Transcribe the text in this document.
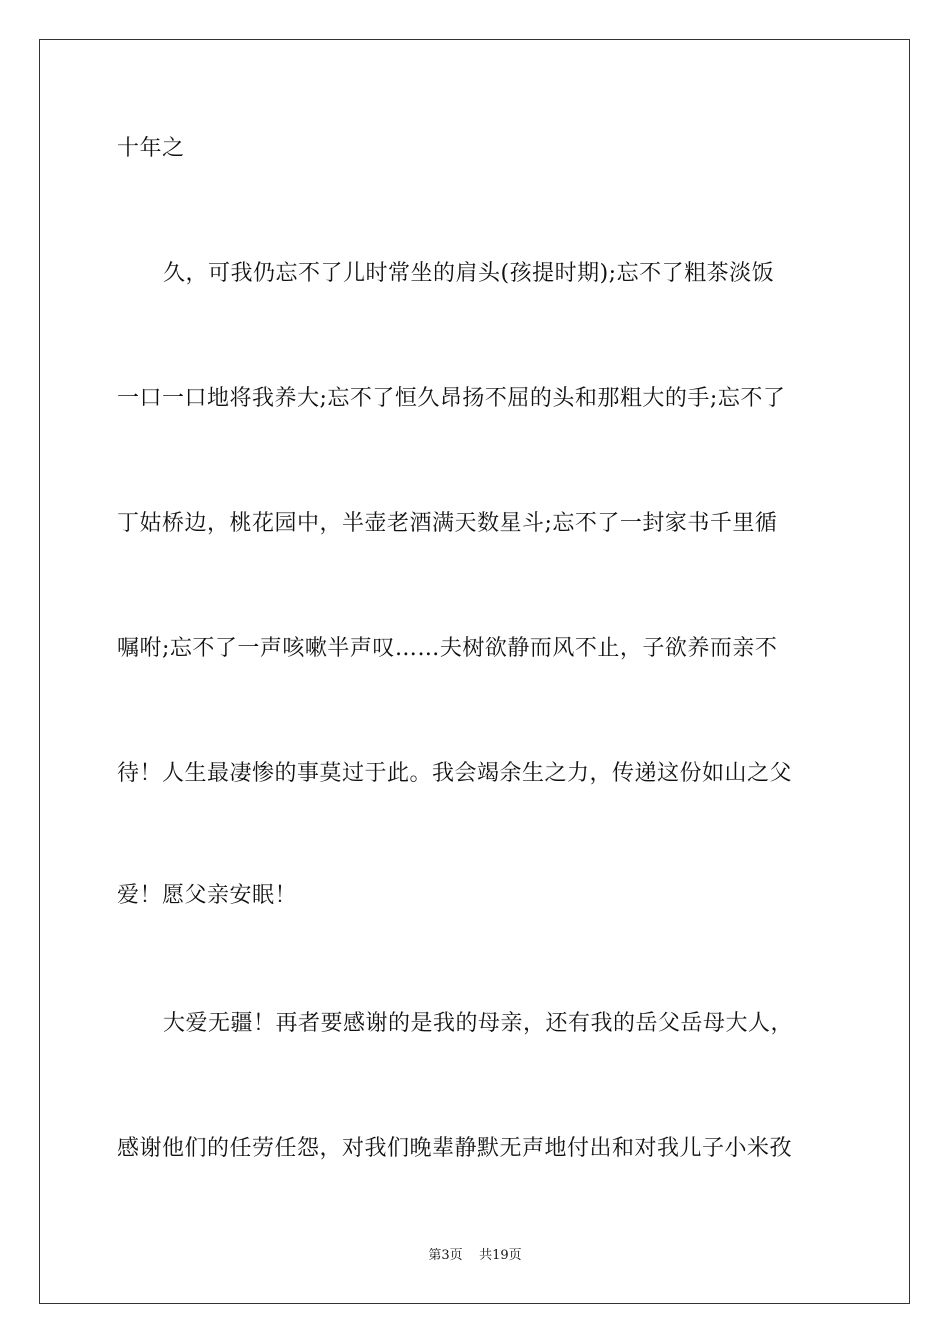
十年之
久，可我仍忘不了儿时常坐的肩头(孩提时期);忘不了粗茶淡饭
一口一口地将我养大;忘不了恒久昂扬不屈的头和那粗大的手;忘不了
丁姑桥边，桃花园中，半壶老酒满天数星斗;忘不了一封家书千里循
嘱咐;忘不了一声咳嗽半声叹……夫树欲静而风不止，子欲养而亲不
待！人生最凄惨的事莫过于此。我会竭余生之力，传递这份如山之父
爱！愿父亲安眠！
大爱无疆！再者要感谢的是我的母亲，还有我的岳父岳母大人，
感谢他们的任劳任怨，对我们晚辈静默无声地付出和对我儿子小米孜
第3页 共19页
